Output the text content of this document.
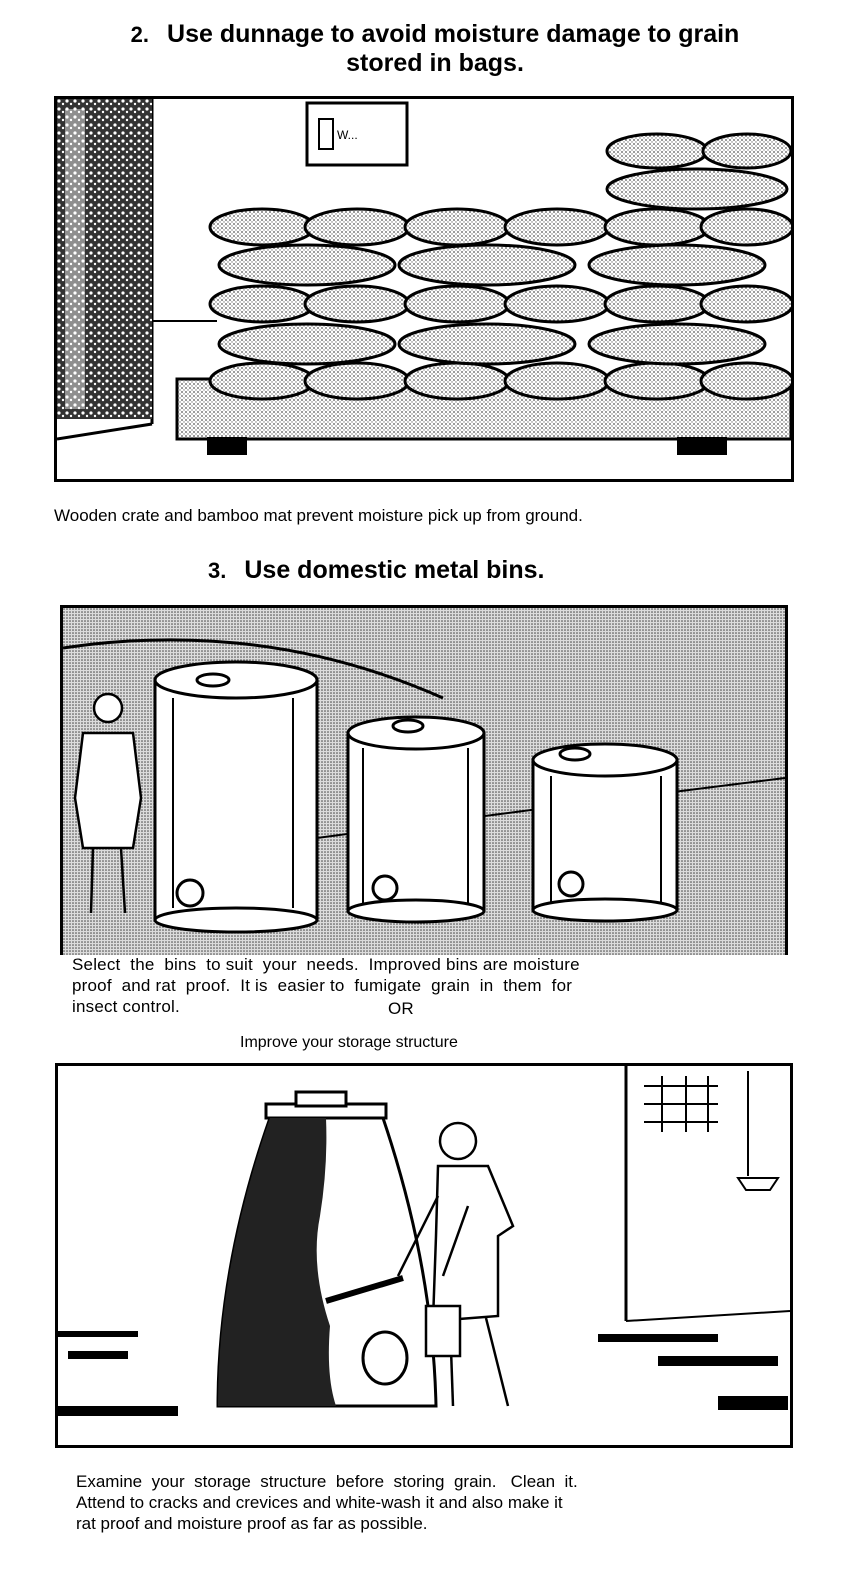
2. Use dunnage to avoid moisture damage to grain
stored in bags.
W...
Wooden crate and bamboo mat prevent moisture pick up from ground.
3. Use domestic metal bins.
Select  the  bins  to suit  your  needs.  Improved bins are moisture
proof  and rat  proof.  It is  easier to  fumigate  grain  in  them  for
insect control.	OR
Improve your storage structure
Examine  your  storage  structure  before  storing  grain.   Clean  it.
Attend to cracks and crevices and white-wash it and also make it
rat proof and moisture proof as far as possible.
